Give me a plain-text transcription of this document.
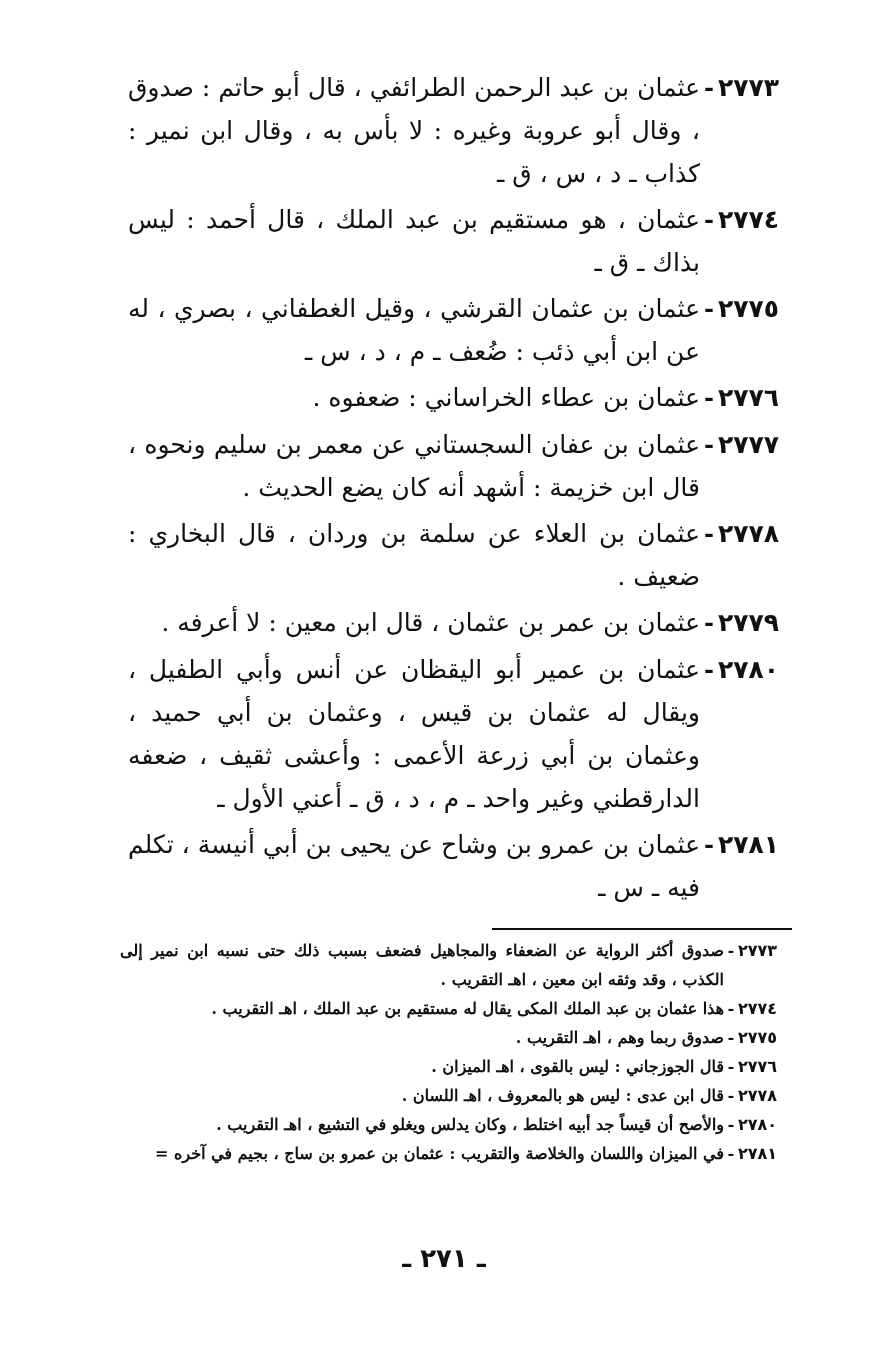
٢٧٧٣
-
عثمان بن عبد الرحمن الطرائفي ، قال أبو حاتم : صدوق ، وقال أبو عروبة وغيره : لا بأس به ، وقال ابن نمير : كذاب ـ د ، س ، ق ـ
٢٧٧٤
-
عثمان ، هو مستقيم بن عبد الملك ، قال أحمد : ليس بذاك ـ ق ـ
٢٧٧٥
-
عثمان بن عثمان القرشي ، وقيل الغطفاني ، بصري ، له عن ابن أبي ذئب : ضُعف ـ م ، د ، س ـ
٢٧٧٦
-
عثمان بن عطاء الخراساني : ضعفوه .
٢٧٧٧
-
عثمان بن عفان السجستاني عن معمر بن سليم ونحوه ، قال ابن خزيمة : أشهد أنه كان يضع الحديث .
٢٧٧٨
-
عثمان بن العلاء عن سلمة بن وردان ، قال البخاري : ضعيف .
٢٧٧٩
-
عثمان بن عمر بن عثمان ، قال ابن معين : لا أعرفه .
٢٧٨٠
-
عثمان بن عمير أبو اليقظان عن أنس وأبي الطفيل ، ويقال له عثمان بن قيس ، وعثمان بن أبي حميد ، وعثمان بن أبي زرعة الأعمى : وأعشى ثقيف ، ضعفه الدارقطني وغير واحد ـ م ، د ، ق ـ أعني الأول ـ
٢٧٨١
-
عثمان بن عمرو بن وشاح عن يحيى بن أبي أنيسة ، تكلم فيه ـ س ـ
٢٧٧٣
-
صدوق أكثر الرواية عن الضعفاء والمجاهيل فضعف بسبب ذلك حتى نسبه ابن نمير إلى الكذب ، وقد وثقه ابن معين ، اهـ التقريب .
٢٧٧٤
-
هذا عثمان بن عبد الملك المكى يقال له مستقيم بن عبد الملك ، اهـ التقريب .
٢٧٧٥
-
صدوق ربما وهم ، اهـ التقريب .
٢٧٧٦
-
قال الجوزجاني : ليس بالقوى ، اهـ الميزان .
٢٧٧٨
-
قال ابن عدى : ليس هو بالمعروف ، اهـ اللسان .
٢٧٨٠
-
والأصح أن قيساً جد أبيه اختلط ، وكان يدلس ويغلو في التشيع ، اهـ التقريب .
٢٧٨١
-
في الميزان واللسان والخلاصة والتقريب : عثمان بن عمرو بن ساج ، بجيم في آخره =
ـ ٢٧١ ـ
